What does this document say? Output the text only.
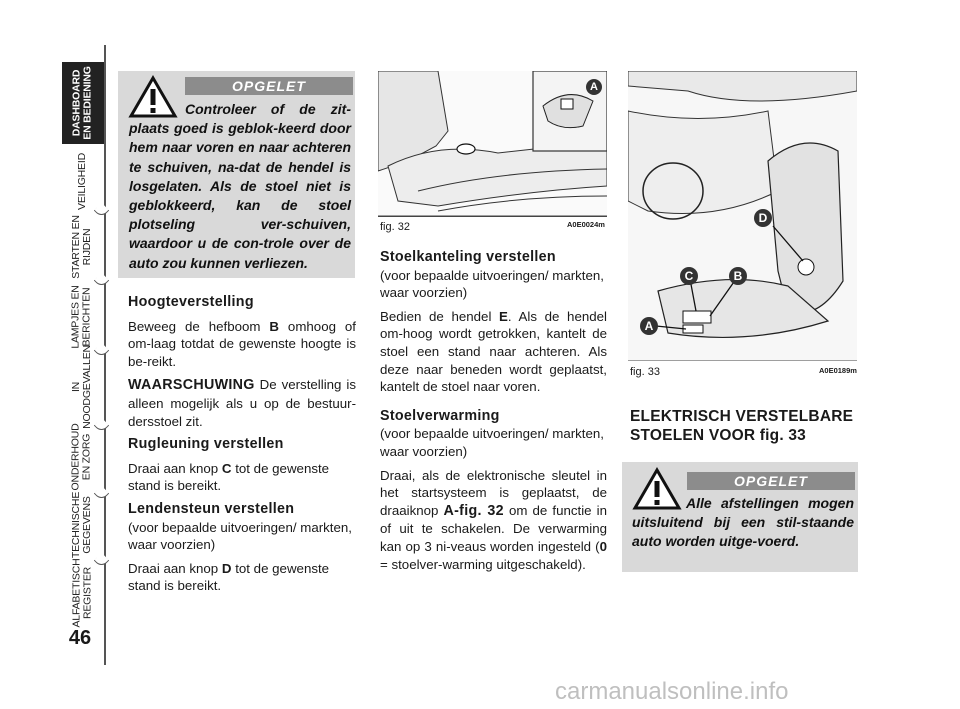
DASHBOARD
EN BEDIENING
VEILIGHEID
STARTEN EN
RIJDEN
LAMPJES EN
BERICHTEN
IN
NOODGEVALLEN
ONDERHOUD
EN ZORG
TECHNISCHE
GEGEVENS
ALFABETISCH
REGISTER
46
OPGELET
Controleer of de zit-plaats goed is geblok-keerd door hem naar voren en naar achteren te schuiven, na-dat de hendel is losgelaten. Als de stoel niet is geblokkeerd, kan de stoel plotseling ver-schuiven, waardoor u de con-trole over de auto zou kunnen verliezen.

Hoogteverstelling

Beweeg de hefboom B omhoog of om-laag totdat de gewenste hoogte is be-reikt.

WAARSCHUWING De verstelling is alleen mogelijk als u op de bestuur-dersstoel zit.

Rugleuning verstellen

Draai aan knop C tot de gewenste stand is bereikt.

Lendensteun verstellen

(voor bepaalde uitvoeringen/ markten, waar voorzien)

Draai aan knop D tot de gewenste stand is bereikt.

A
fig. 32	A0E0024m

Stoelkanteling verstellen

(voor bepaalde uitvoeringen/ markten, waar voorzien)

Bedien de hendel E. Als de hendel om-hoog wordt getrokken, kantelt de stoel een stand naar achteren. Als deze naar beneden wordt geplaatst, kantelt de stoel naar voren.

Stoelverwarming

(voor bepaalde uitvoeringen/ markten, waar voorzien)

Draai, als de elektronische sleutel in het startsysteem is geplaatst, de draaiknop A-fig. 32 om de functie in of uit te schakelen. De verwarming kan op 3 ni-veaus worden ingesteld (0 = stoelver-warming uitgeschakeld).

D
B
C
A
fig. 33	A0E0189m
ELEKTRISCH VERSTELBARE STOELEN VOOR fig. 33
OPGELET
Alle afstellingen mogen uitsluitend bij een stil-staande auto worden uitge-voerd.
carmanualsonline.info
